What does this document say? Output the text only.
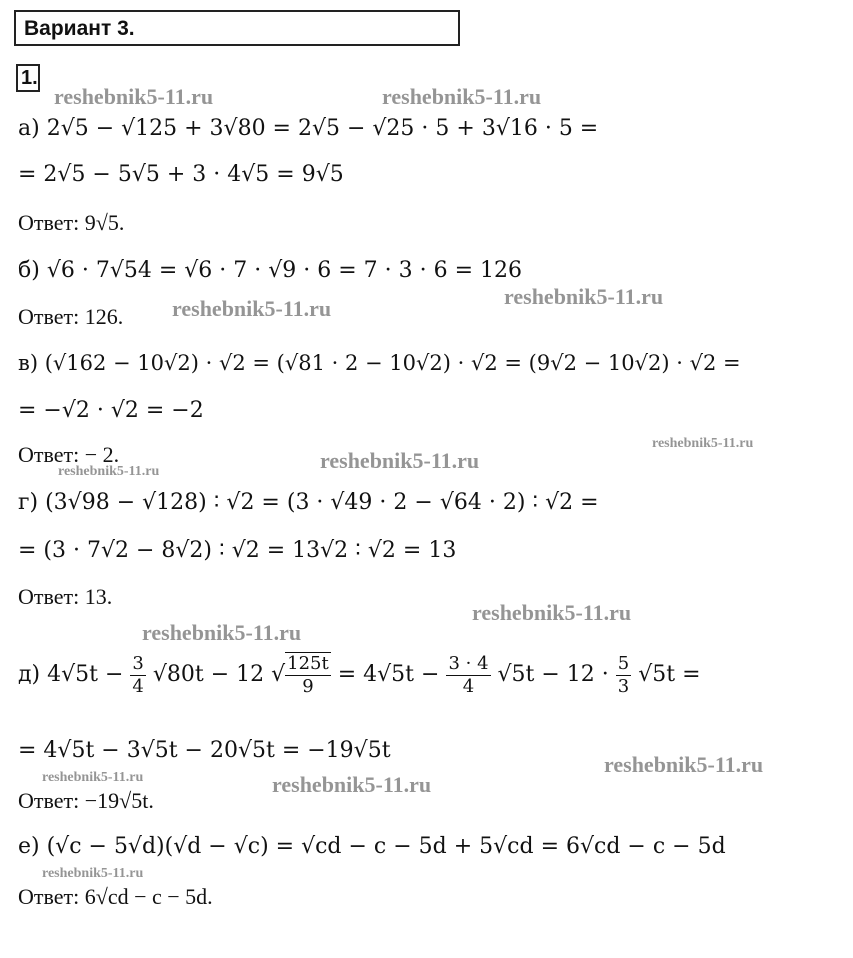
Вариант 3.
1.
а) 2√5 − √125 + 3√80 = 2√5 − √25 · 5 + 3√16 · 5 =
= 2√5 − 5√5 + 3 · 4√5 = 9√5
Ответ: 9√5.
б) √6 · 7√54 = √6 · 7 · √9 · 6 = 7 · 3 · 6 = 126
Ответ: 126.
в) (√162 − 10√2) · √2 = (√81 · 2 − 10√2) · √2 = (9√2 − 10√2) · √2 =
= −√2 · √2 = −2
Ответ: − 2.
г) (3√98 − √128) ∶ √2 = (3 · √49 · 2 − √64 · 2) ∶ √2 =
= (3 · 7√2 − 8√2) ∶ √2 = 13√2 ∶ √2 = 13
Ответ: 13.
д) $4√5t - \frac{3}{4} √80t - 12$ √ $\frac{125t}{9} = 4√5t - \frac{3 \cdot 4}{4} √5t - 12 \cdot \frac{5}{3} √5t$ =
= 4√5t − 3√5t − 20√5t = −19√5t
Ответ: −19√5t.
е) (√c − 5√d)(√d − √c) = √cd − c − 5d + 5√cd = 6√cd − c − 5d
Ответ: 6√cd − c − 5d.
reshebnik5-11.ru	reshebnik5-11.ru
reshebnik5-11.ru	reshebnik5-11.ru
reshebnik5-11.ru
reshebnik5-11.ru
reshebnik5-11.ru
reshebnik5-11.ru
reshebnik5-11.ru
reshebnik5-11.ru
reshebnik5-11.ru	reshebnik5-11.ru
reshebnik5-11.ru
